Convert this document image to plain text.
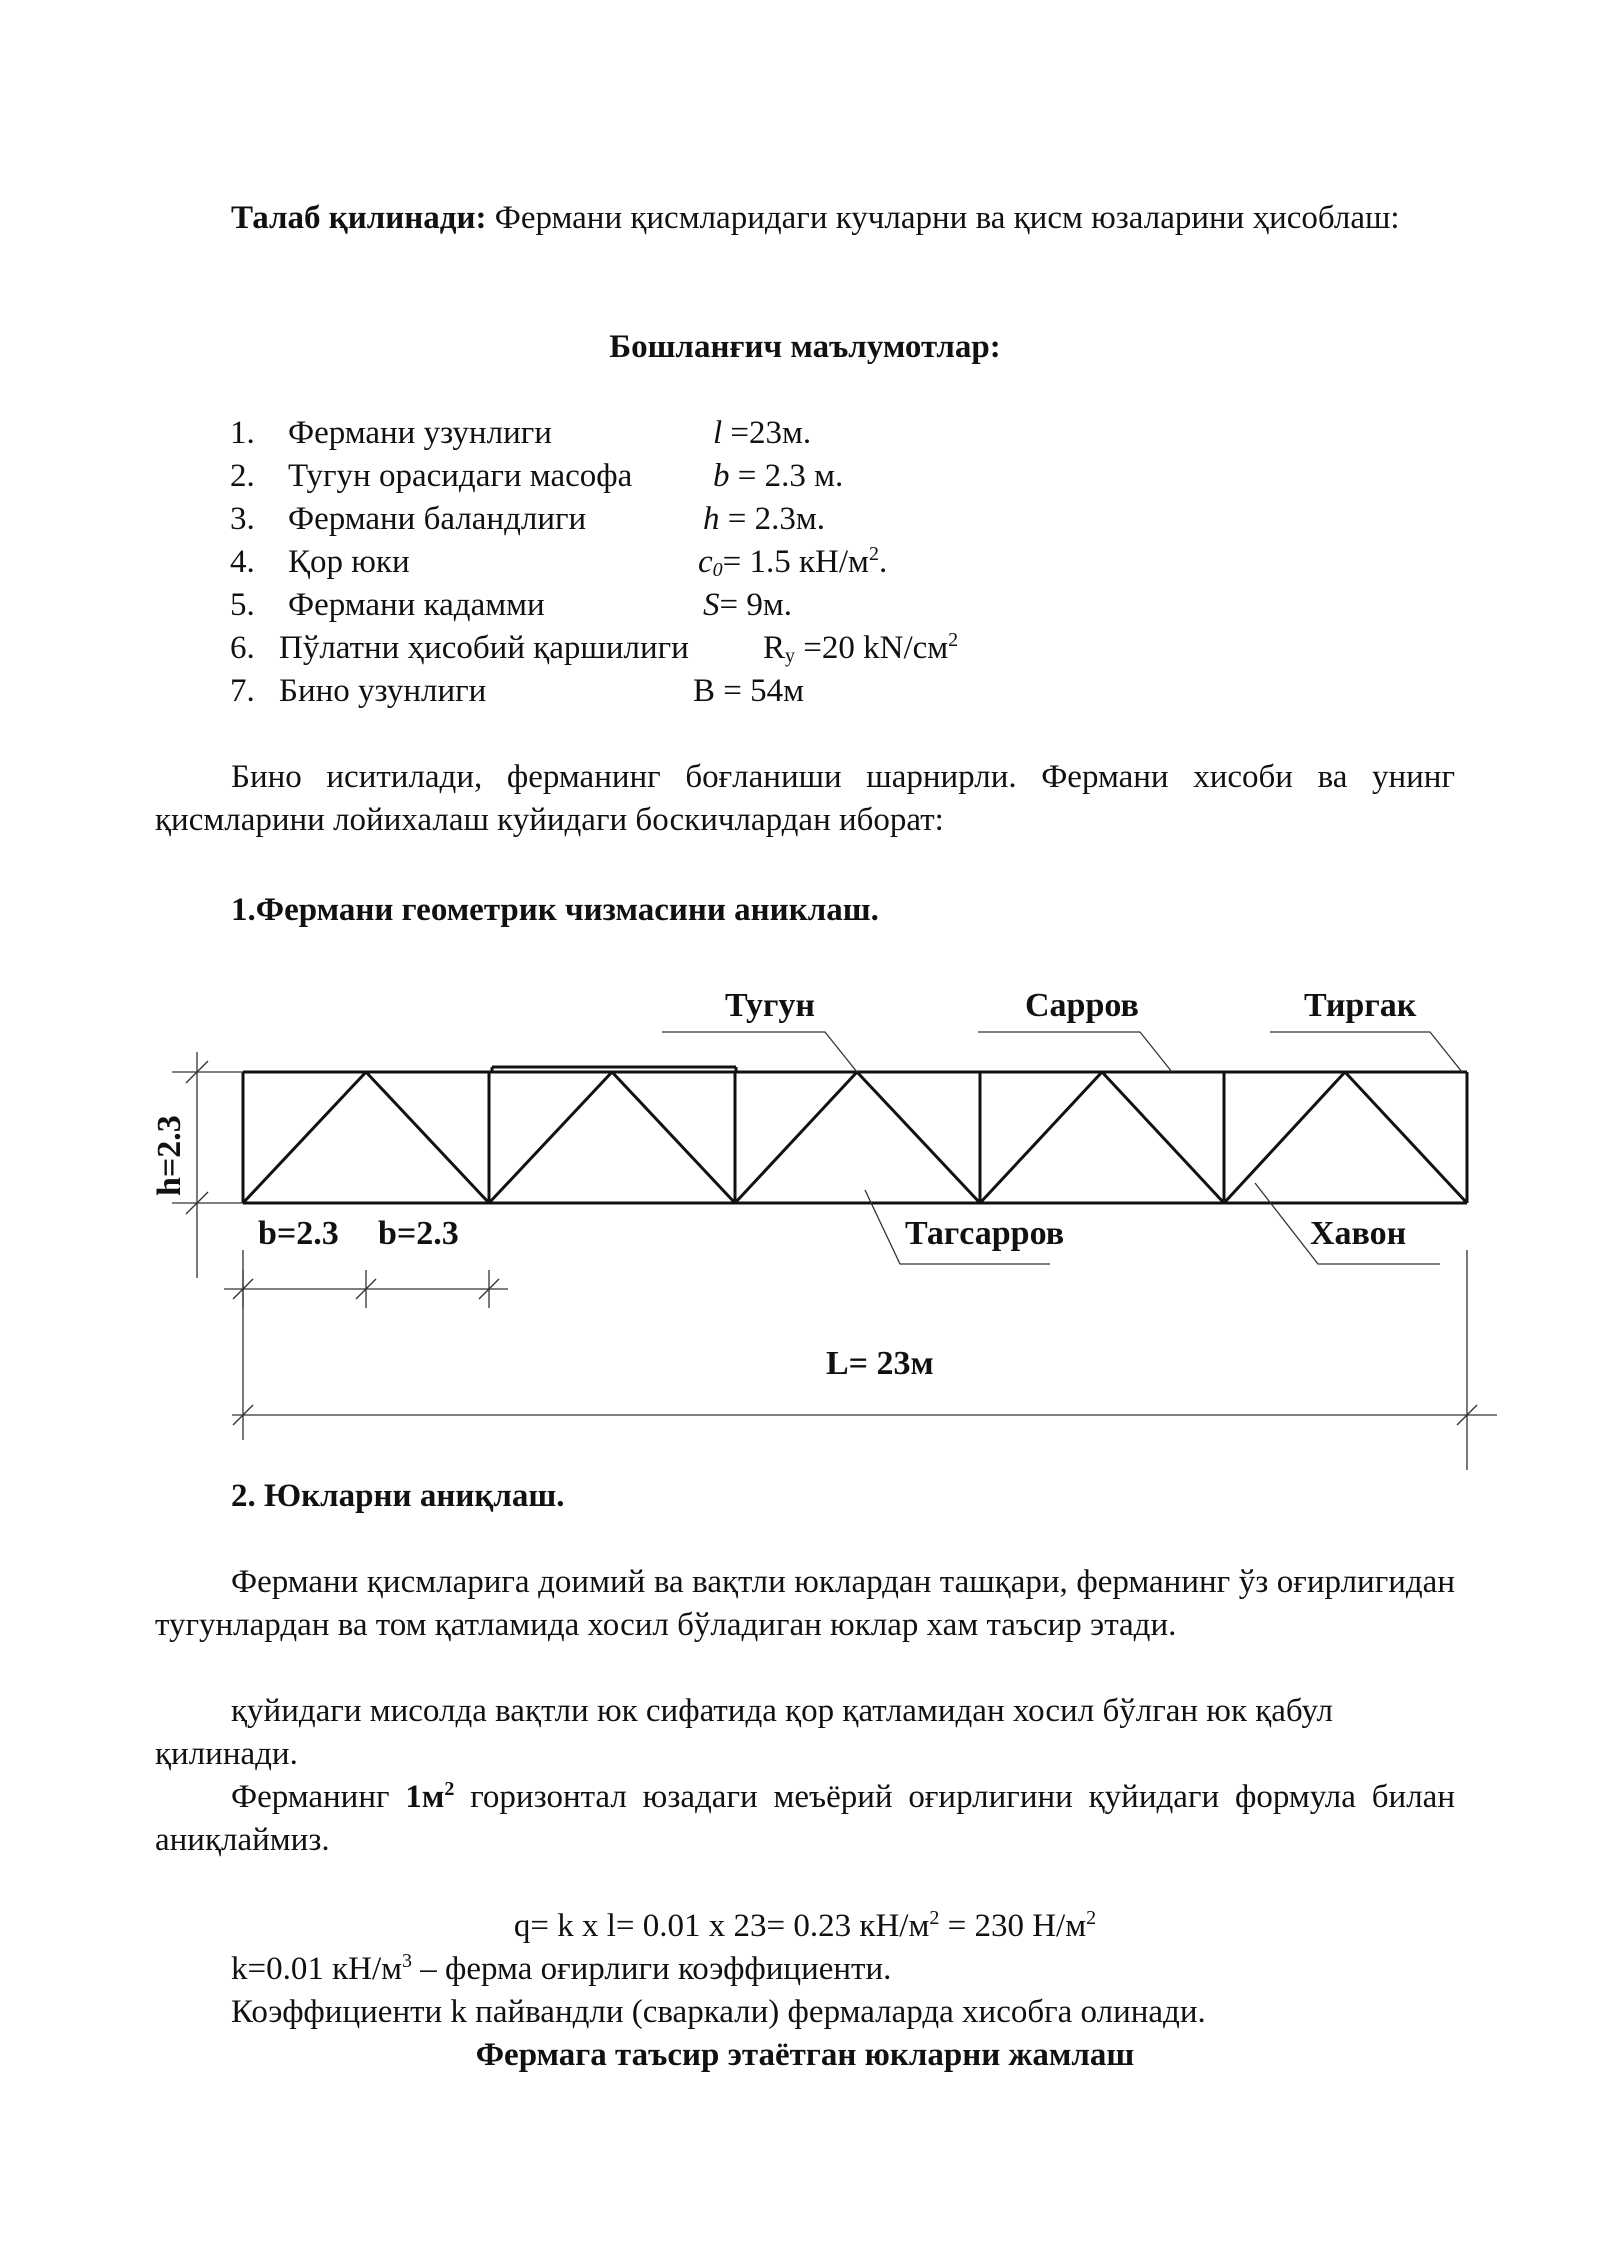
Талаб қилинади: Фермани қисмларидаги кучларни ва қисм юзаларини ҳисоблаш:
Бошланғич маълумотлар:
1. Фермани узунлиги	l =23м.
2. Тугун орасидаги масофа b = 2.3 м.
3. Фермани баландлиги	h = 2.3м.
4. Қор юки	$c_0= 1.5$ $кН/м^2$.
5. Фермани кадамми	S= 9м.
6. Пўлатни ҳисобий қаршилиги $R_y =20$ $kN/cм^2$
7. Бино узунлиги	B = 54м
Бино иситилади, ферманинг боғланиши шарнирли. Фермани хисоби ва унинг қисмларини лойихалаш куйидаги боскичлардан иборат:
1.Фермани геометрик чизмасини аниклаш.
Тугун	Сарров	Тиргак
Тагсарров	Хавон
b=2.3 b=2.3
L= 23м
h=2.3
2. Юкларни аниқлаш.
Фермани қисмларига доимий ва вақтли юклардан ташқари, ферманинг ўз оғирлигидан тугунлардан ва том қатламида хосил бўладиган юклар хам таъсир этади.
қуйидаги мисолда вақтли юк сифатида қор қатламидан хосил бўлган юк қабул қилинади.
Ферманинг $1м^2$ горизонтал юзадаги меъёрий оғирлигини қуйидаги формула билан аниқлаймиз.
q= k x l= 0.01 x 23= 0.23 $кН/м^2 = 230$ $Н/м^2$
k=0.01 $кН/м^3$ – ферма оғирлиги коэффициенти.
Коэффициенти k пайвандли (сваркали) фермаларда хисобга олинади.
Фермага таъсир этаётган юкларни жамлаш
